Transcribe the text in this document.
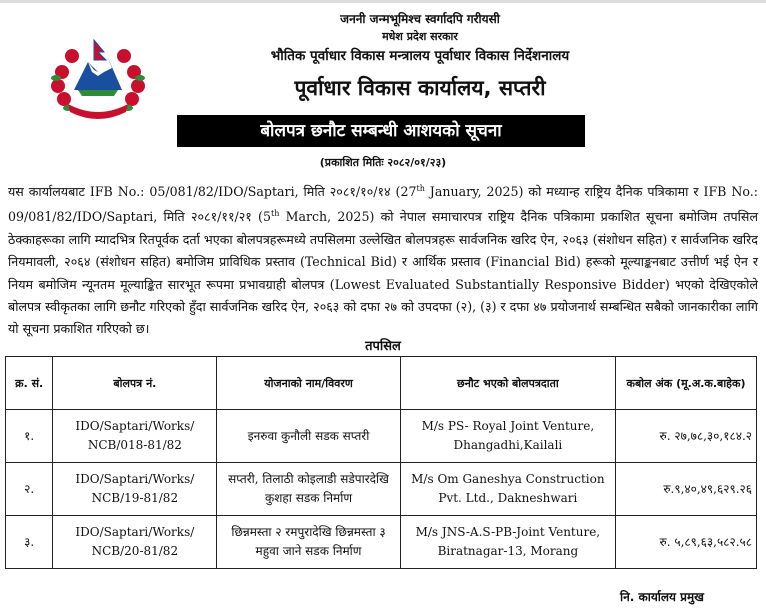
जननी जन्मभूमिश्च स्वर्गादपि गरीयसी
मधेश प्रदेश सरकार
भौतिक पूर्वाधार विकास मन्त्रालय पूर्वाधार विकास निर्देशनालय
पूर्वाधार विकास कार्यालय, सप्तरी
बोलपत्र छनौट सम्बन्धी आशयको सूचना
(प्रकाशित मितिः २०८२/०१/२३)
यस कार्यालयबाट IFB No.: 05/081/82/IDO/Saptari, मिति २०८१/१०/१४ (27th January, 2025) को मध्यान्ह राष्ट्रिय दैनिक पत्रिकामा र IFB No.: 09/081/82/IDO/Saptari, मिति २०८१/११/२१ (5th March, 2025) को नेपाल समाचारपत्र राष्ट्रिय दैनिक पत्रिकामा प्रकाशित सूचना बमोजिम तपसिल ठेक्काहरूका लागि म्यादभित्र रितपूर्वक दर्ता भएका बोलपत्रहरूमध्ये तपसिलमा उल्लेखित बोलपत्रहरू सार्वजनिक खरिद ऐन, २०६३ (संशोधन सहित) र सार्वजनिक खरिद नियमावली, २०६४ (संशोधन सहित) बमोजिम प्राविधिक प्रस्ताव (Technical Bid) र आर्थिक प्रस्ताव (Financial Bid) हरूको मूल्याङ्कनबाट उत्तीर्ण भई ऐन र नियम बमोजिम न्यूनतम मूल्याङ्कित सारभूत रूपमा प्रभावग्राही बोलपत्र (Lowest Evaluated Substantially Responsive Bidder) भएको देखिएकोले बोलपत्र स्वीकृतका लागि छनौट गरिएको हुँदा सार्वजनिक खरिद ऐन, २०६३ को दफा २७ को उपदफा (२), (३) र दफा ४७ प्रयोजनार्थ सम्बन्धित सबैको जानकारीका लागि यो सूचना प्रकाशित गरिएको छ।
तपसिल
क्र. सं.	बोलपत्र नं.	योजनाको नाम/विवरण	छनौट भएको बोलपत्रदाता	कबोल अंक (मू.अ.क.बाहेक)
१.	IDO/Saptari/Works/ NCB/018-81/82	इनरुवा कुनौली सडक सप्तरी	M/s PS- Royal Joint Venture, Dhangadhi,Kailali	रु. २७,७८,३०,१८४.२
२.	IDO/Saptari/Works/ NCB/19-81/82	सप्तरी, तिलाठी कोइलाडी सडेपारदेखि कुशहा सडक निर्माण	M/s Om Ganeshya Construction Pvt. Ltd., Dakneshwari	रु.९,४०,४९,६२९.२६
३.	IDO/Saptari/Works/ NCB/20-81/82	छिन्नमस्ता २ रमपुरादेखि छिन्नमस्ता ३ महुवा जाने सडक निर्माण	M/s JNS-A.S-PB-Joint Venture, Biratnagar-13, Morang	रु. ५,८९,६३,५८२.५८
नि. कार्यालय प्रमुख
